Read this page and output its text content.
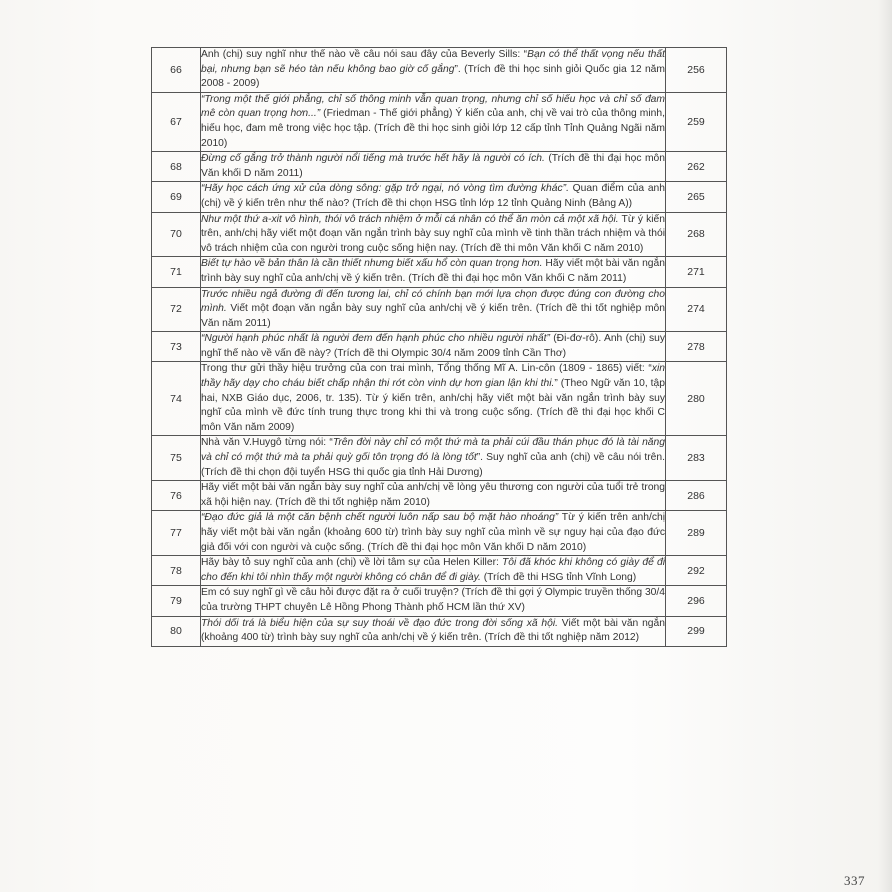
66	Anh (chị) suy nghĩ như thế nào về câu nói sau đây của Beverly Sills: “Bạn có thể thất vọng nếu thất bại, nhưng bạn sẽ héo tàn nếu không bao giờ cố gắng”. (Trích đề thi học sinh giỏi Quốc gia 12 năm 2008 - 2009)	256
67	“Trong một thế giới phẳng, chỉ số thông minh vẫn quan trọng, nhưng chỉ số hiếu học và chỉ số đam mê còn quan trọng hơn...” (Friedman - Thế giới phẳng) Ý kiến của anh, chị về vai trò của thông minh, hiếu học, đam mê trong việc học tập. (Trích đề thi học sinh giỏi lớp 12 cấp tỉnh Tỉnh Quảng Ngãi năm 2010)	259
68	Đừng cố gắng trở thành người nổi tiếng mà trước hết hãy là người có ích. (Trích đề thi đại học môn Văn khối D năm 2011)	262
69	“Hãy học cách ứng xử của dòng sông: gặp trở ngại, nó vòng tìm đường khác”. Quan điểm của anh (chị) về ý kiến trên như thế nào? (Trích đề thi chọn HSG tỉnh lớp 12 tỉnh Quảng Ninh (Bảng A))	265
70	Như một thứ a-xit vô hình, thói vô trách nhiệm ở mỗi cá nhân có thể ăn mòn cả một xã hội. Từ ý kiến trên, anh/chị hãy viết một đoạn văn ngắn trình bày suy nghĩ của mình về tinh thần trách nhiệm và thói vô trách nhiệm của con người trong cuộc sống hiện nay. (Trích đề thi môn Văn khối C năm 2010)	268
71	Biết tự hào về bản thân là cần thiết nhưng biết xấu hổ còn quan trọng hơn. Hãy viết một bài văn ngắn trình bày suy nghĩ của anh/chị về ý kiến trên. (Trích đề thi đại học môn Văn khối C năm 2011)	271
72	Trước nhiều ngả đường đi đến tương lai, chỉ có chính bạn mới lựa chọn được đúng con đường cho mình. Viết một đoạn văn ngắn bày suy nghĩ của anh/chị về ý kiến trên. (Trích đề thi tốt nghiệp môn Văn năm 2011)	274
73	“Người hạnh phúc nhất là người đem đến hạnh phúc cho nhiều người nhất” (Đi-đơ-rô). Anh (chị) suy nghĩ thế nào về vấn đề này? (Trích đề thi Olympic 30/4 năm 2009 tỉnh Cần Thơ)	278
74	Trong thư gửi thầy hiệu trưởng của con trai mình, Tổng thống Mĩ A. Lin-côn (1809 - 1865) viết: “xin thầy hãy dạy cho cháu biết chấp nhận thi rớt còn vinh dự hơn gian lận khi thi.” (Theo Ngữ văn 10, tập hai, NXB Giáo dục, 2006, tr. 135). Từ ý kiến trên, anh/chị hãy viết một bài văn ngắn trình bày suy nghĩ của mình về đức tính trung thực trong khi thi và trong cuộc sống. (Trích đề thi đại học khối C môn Văn năm 2009)	280
75	Nhà văn V.Huygô từng nói: “Trên đời này chỉ có một thứ mà ta phải cúi đầu thán phục đó là tài năng và chỉ có một thứ mà ta phải quỳ gối tôn trọng đó là lòng tốt”. Suy nghĩ của anh (chị) về câu nói trên. (Trích đề thi chọn đội tuyển HSG thi quốc gia tỉnh Hải Dương)	283
76	Hãy viết một bài văn ngắn bày suy nghĩ của anh/chị về lòng yêu thương con người của tuổi trẻ trong xã hội hiện nay. (Trích đề thi tốt nghiệp năm 2010)	286
77	“Đạo đức giả là một căn bệnh chết người luôn nấp sau bộ mặt hào nhoáng” Từ ý kiến trên anh/chị hãy viết một bài văn ngắn (khoảng 600 từ) trình bày suy nghĩ của mình về sự nguy hại của đạo đức giả đối với con người và cuộc sống. (Trích đề thi đại học môn Văn khối D năm 2010)	289
78	Hãy bày tỏ suy nghĩ của anh (chị) về lời tâm sự của Helen Killer: Tôi đã khóc khi không có giày để đi cho đến khi tôi nhìn thấy một người không có chân để đi giày. (Trích đề thi HSG tỉnh Vĩnh Long)	292
79	Em có suy nghĩ gì về câu hỏi được đặt ra ở cuối truyện? (Trích đề thi gợi ý Olympic truyền thống 30/4 của trường THPT chuyên Lê Hồng Phong Thành phố HCM lần thứ XV)	296
80	Thói dối trá là biểu hiện của sự suy thoái về đạo đức trong đời sống xã hội. Viết một bài văn ngắn (khoảng 400 từ) trình bày suy nghĩ của anh/chị về ý kiến trên. (Trích đề thi tốt nghiệp năm 2012)	299
337
